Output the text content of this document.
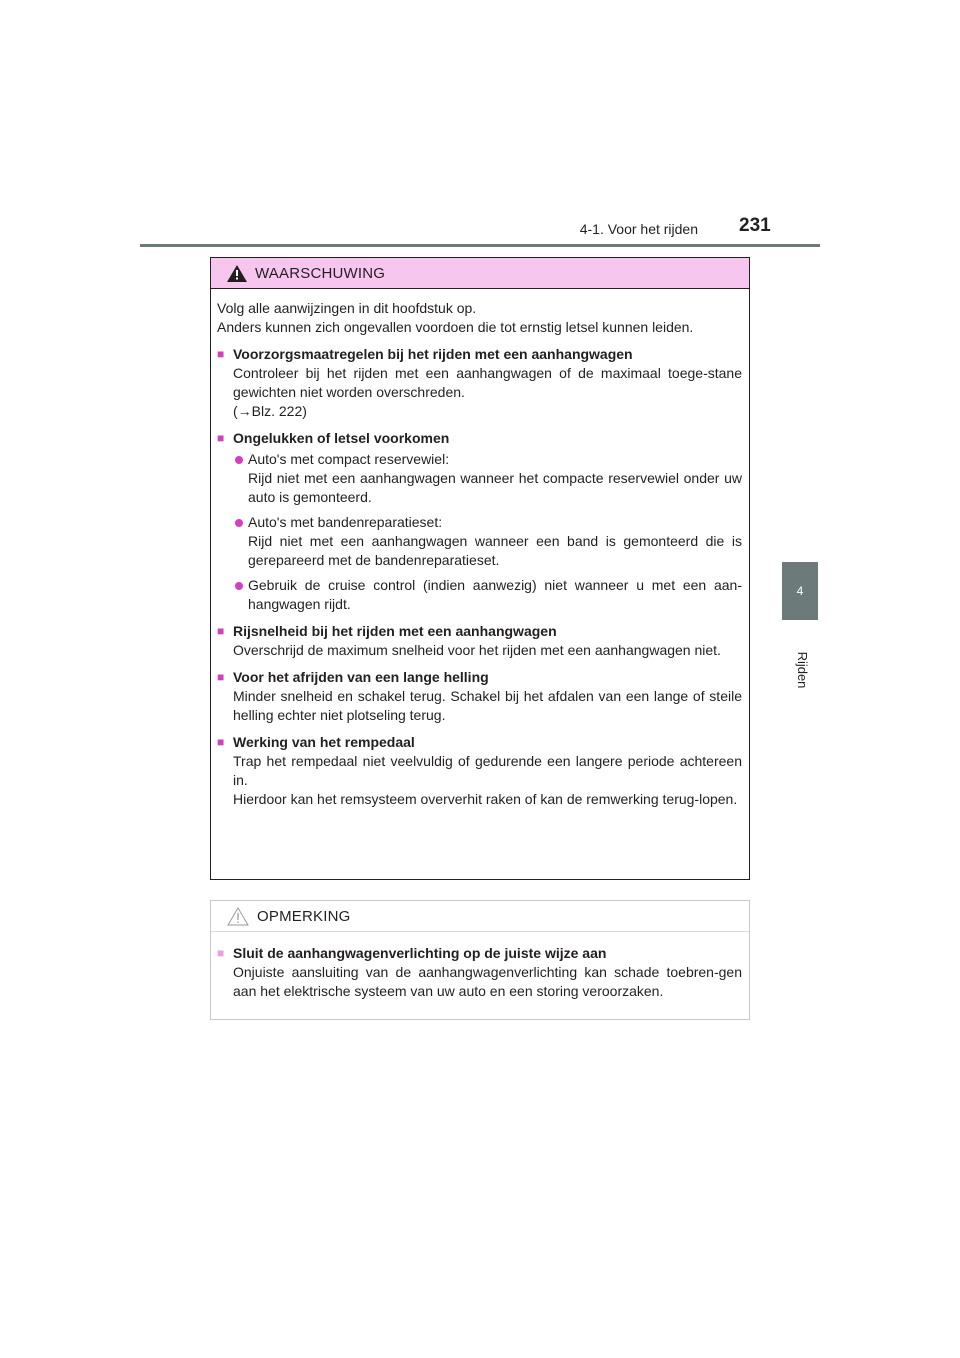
4-1. Voor het rijden 231
4
Rijden
WAARSCHUWING

Volg alle aanwijzingen in dit hoofdstuk op.

Anders kunnen zich ongevallen voordoen die tot ernstig letsel kunnen leiden.

■ Voorzorgsmaatregelen bij het rijden met een aanhangwagen

Controleer bij het rijden met een aanhangwagen of de maximaal toege-stane gewichten niet worden overschreden.

(→Blz. 222)

■ Ongelukken of letsel voorkomen

Auto's met compact reservewiel:

Rijd niet met een aanhangwagen wanneer het compacte reservewiel onder uw auto is gemonteerd.

Auto's met bandenreparatieset:

Rijd niet met een aanhangwagen wanneer een band is gemonteerd die is gerepareerd met de bandenreparatieset.

Gebruik de cruise control (indien aanwezig) niet wanneer u met een aan-hangwagen rijdt.

■ Rijsnelheid bij het rijden met een aanhangwagen

Overschrijd de maximum snelheid voor het rijden met een aanhangwagen niet.

■ Voor het afrijden van een lange helling

Minder snelheid en schakel terug. Schakel bij het afdalen van een lange of steile helling echter niet plotseling terug.

■ Werking van het rempedaal

Trap het rempedaal niet veelvuldig of gedurende een langere periode achtereen in.

Hierdoor kan het remsysteem oververhit raken of kan de remwerking terug-lopen.

OPMERKING
■ Sluit de aanhangwagenverlichting op de juiste wijze aan

Onjuiste aansluiting van de aanhangwagenverlichting kan schade toebren-gen aan het elektrische systeem van uw auto en een storing veroorzaken.
